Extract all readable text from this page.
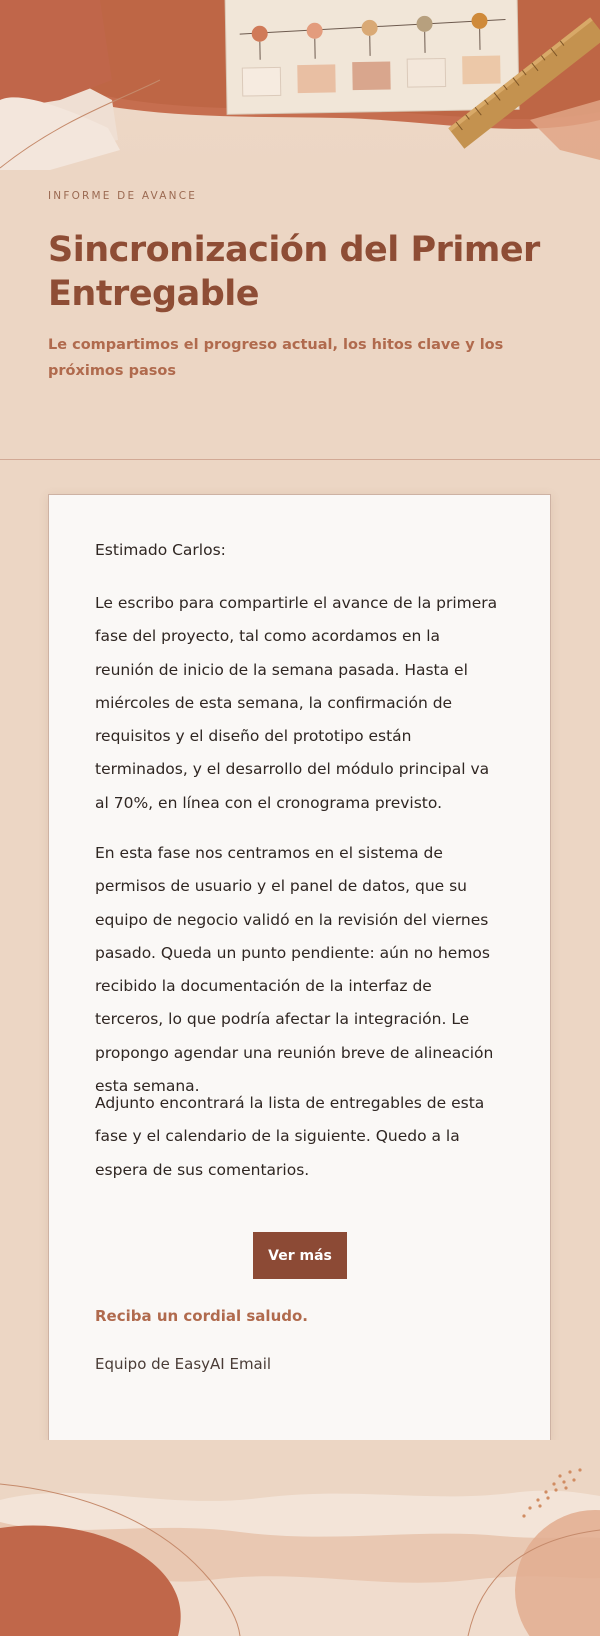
INFORME DE AVANCE
Sincronización del Primer Entregable
Le compartimos el progreso actual, los hitos clave y los próximos pasos
Estimado Carlos:

Le escribo para compartirle el avance de la primera fase del proyecto, tal como acordamos en la reunión de inicio de la semana pasada. Hasta el miércoles de esta semana, la confirmación de requisitos y el diseño del prototipo están terminados, y el desarrollo del módulo principal va al 70%, en línea con el cronograma previsto.

En esta fase nos centramos en el sistema de permisos de usuario y el panel de datos, que su equipo de negocio validó en la revisión del viernes pasado. Queda un punto pendiente: aún no hemos recibido la documentación de la interfaz de terceros, lo que podría afectar la integración. Le propongo agendar una reunión breve de alineación esta semana.

Adjunto encontrará la lista de entregables de esta fase y el calendario de la siguiente. Quedo a la espera de sus comentarios.

Ver más
Reciba un cordial saludo.
Equipo de EasyAI Email
